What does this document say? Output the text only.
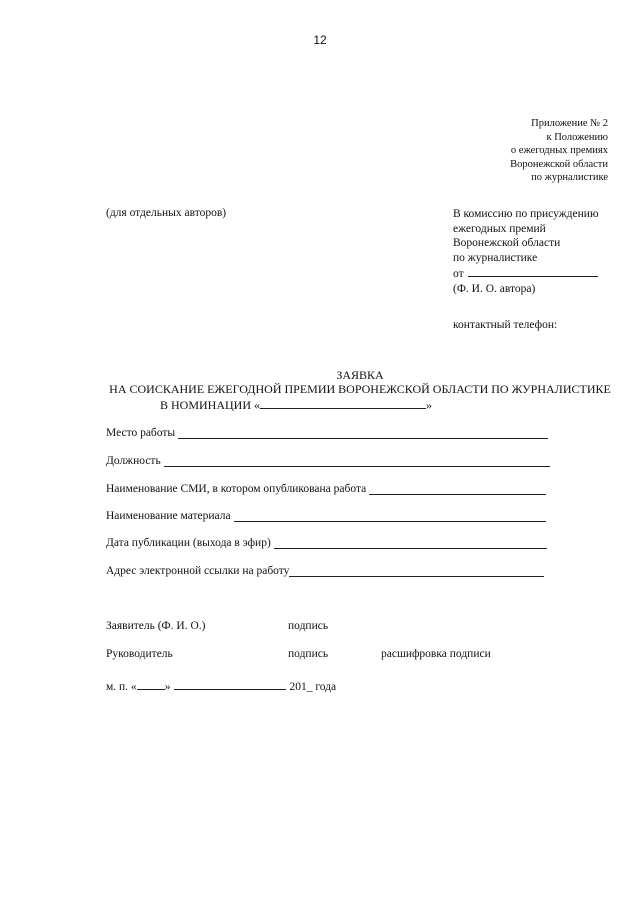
12
Приложение № 2
к Положению
о ежегодных премиях
Воронежской области
по журналистике
(для отдельных авторов)	В комиссию по присуждению
ежегодных премий
Воронежской области
по журналистике
от
(Ф. И. О. автора)
контактный телефон:
ЗАЯВКА
НА СОИСКАНИЕ ЕЖЕГОДНОЙ ПРЕМИИ ВОРОНЕЖСКОЙ ОБЛАСТИ ПО ЖУРНАЛИСТИКЕ
В НОМИНАЦИИ «	»
Место работы
Должность
Наименование СМИ, в котором опубликована работа
Наименование материала
Дата публикации (выхода в эфир)
Адрес электронной ссылки на работу
Заявитель (Ф. И. О.)	подпись
Руководитель	подпись	расшифровка подписи
м. п. « »	201_ года
